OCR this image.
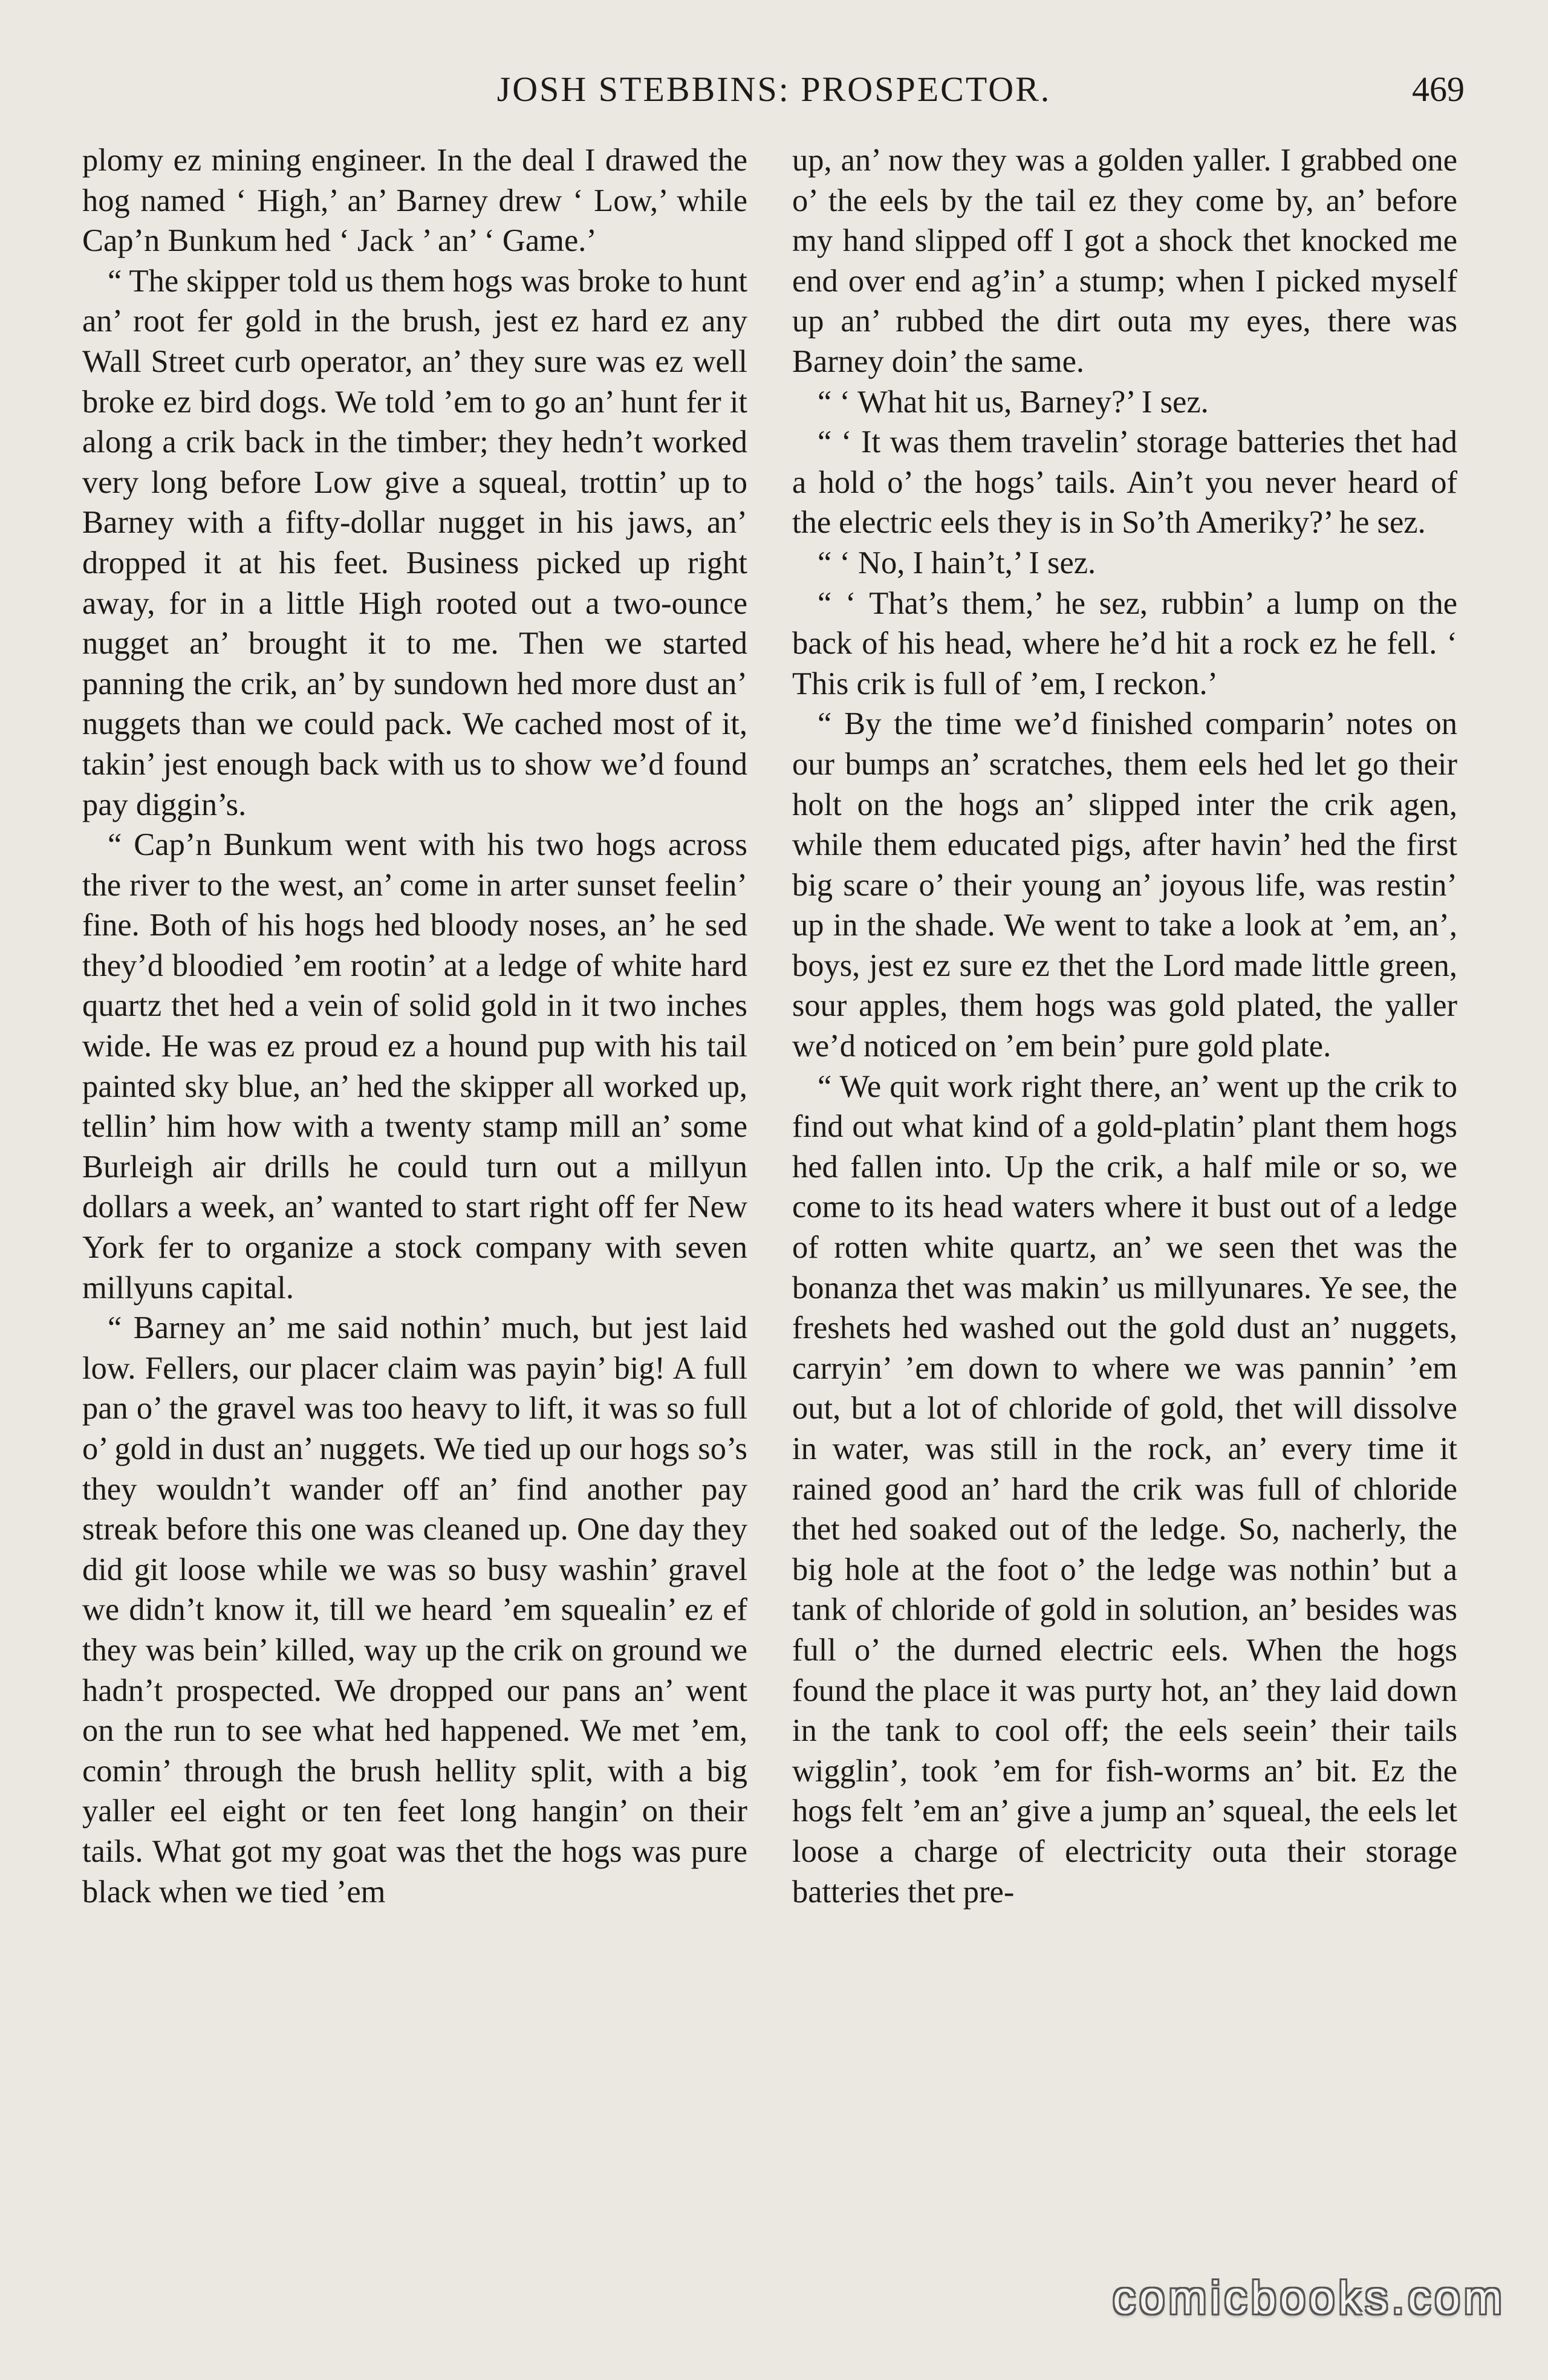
JOSH STEBBINS: PROSPECTOR.	469

plomy ez mining engineer. In the deal I drawed the hog named ‘ High,’ an’ Barney drew ‘ Low,’ while Cap’n Bunkum hed ‘ Jack ’ an’ ‘ Game.’

“ The skipper told us them hogs was broke to hunt an’ root fer gold in the brush, jest ez hard ez any Wall Street curb operator, an’ they sure was ez well broke ez bird dogs. We told ’em to go an’ hunt fer it along a crik back in the timber; they hedn’t worked very long before Low give a squeal, trottin’ up to Barney with a fifty-dollar nugget in his jaws, an’ dropped it at his feet. Business picked up right away, for in a little High rooted out a two-ounce nugget an’ brought it to me. Then we started panning the crik, an’ by sundown hed more dust an’ nuggets than we could pack. We cached most of it, takin’ jest enough back with us to show we’d found pay diggin’s.

“ Cap’n Bunkum went with his two hogs across the river to the west, an’ come in arter sunset feelin’ fine. Both of his hogs hed bloody noses, an’ he sed they’d bloodied ’em rootin’ at a ledge of white hard quartz thet hed a vein of solid gold in it two inches wide. He was ez proud ez a hound pup with his tail painted sky blue, an’ hed the skipper all worked up, tellin’ him how with a twenty stamp mill an’ some Burleigh air drills he could turn out a millyun dollars a week, an’ wanted to start right off fer New York fer to organize a stock company with seven millyuns capital.

“ Barney an’ me said nothin’ much, but jest laid low. Fellers, our placer claim was payin’ big! A full pan o’ the gravel was too heavy to lift, it was so full o’ gold in dust an’ nuggets. We tied up our hogs so’s they wouldn’t wander off an’ find another pay streak before this one was cleaned up. One day they did git loose while we was so busy washin’ gravel we didn’t know it, till we heard ’em squealin’ ez ef they was bein’ killed, way up the crik on ground we hadn’t prospected. We dropped our pans an’ went on the run to see what hed happened. We met ’em, comin’ through the brush hellity split, with a big yaller eel eight or ten feet long hangin’ on their tails. What got my goat was thet the hogs was pure black when we tied ’em

up, an’ now they was a golden yaller. I grabbed one o’ the eels by the tail ez they come by, an’ before my hand slipped off I got a shock thet knocked me end over end ag’in’ a stump; when I picked myself up an’ rubbed the dirt outa my eyes, there was Barney doin’ the same.

“ ‘ What hit us, Barney?’ I sez.

“ ‘ It was them travelin’ storage batteries thet had a hold o’ the hogs’ tails. Ain’t you never heard of the electric eels they is in So’th Ameriky?’ he sez.

“ ‘ No, I hain’t,’ I sez.

“ ‘ That’s them,’ he sez, rubbin’ a lump on the back of his head, where he’d hit a rock ez he fell. ‘ This crik is full of ’em, I reckon.’

“ By the time we’d finished comparin’ notes on our bumps an’ scratches, them eels hed let go their holt on the hogs an’ slipped inter the crik agen, while them educated pigs, after havin’ hed the first big scare o’ their young an’ joyous life, was restin’ up in the shade. We went to take a look at ’em, an’, boys, jest ez sure ez thet the Lord made little green, sour apples, them hogs was gold plated, the yaller we’d noticed on ’em bein’ pure gold plate.

“ We quit work right there, an’ went up the crik to find out what kind of a gold-platin’ plant them hogs hed fallen into. Up the crik, a half mile or so, we come to its head waters where it bust out of a ledge of rotten white quartz, an’ we seen thet was the bonanza thet was makin’ us millyunares. Ye see, the freshets hed washed out the gold dust an’ nuggets, carryin’ ’em down to where we was pannin’ ’em out, but a lot of chloride of gold, thet will dissolve in water, was still in the rock, an’ every time it rained good an’ hard the crik was full of chloride thet hed soaked out of the ledge. So, nacherly, the big hole at the foot o’ the ledge was nothin’ but a tank of chloride of gold in solution, an’ besides was full o’ the durned electric eels. When the hogs found the place it was purty hot, an’ they laid down in the tank to cool off; the eels seein’ their tails wigglin’, took ’em for fish-worms an’ bit. Ez the hogs felt ’em an’ give a jump an’ squeal, the eels let loose a charge of electricity outa their storage batteries thet pre-

comicbooks.com
